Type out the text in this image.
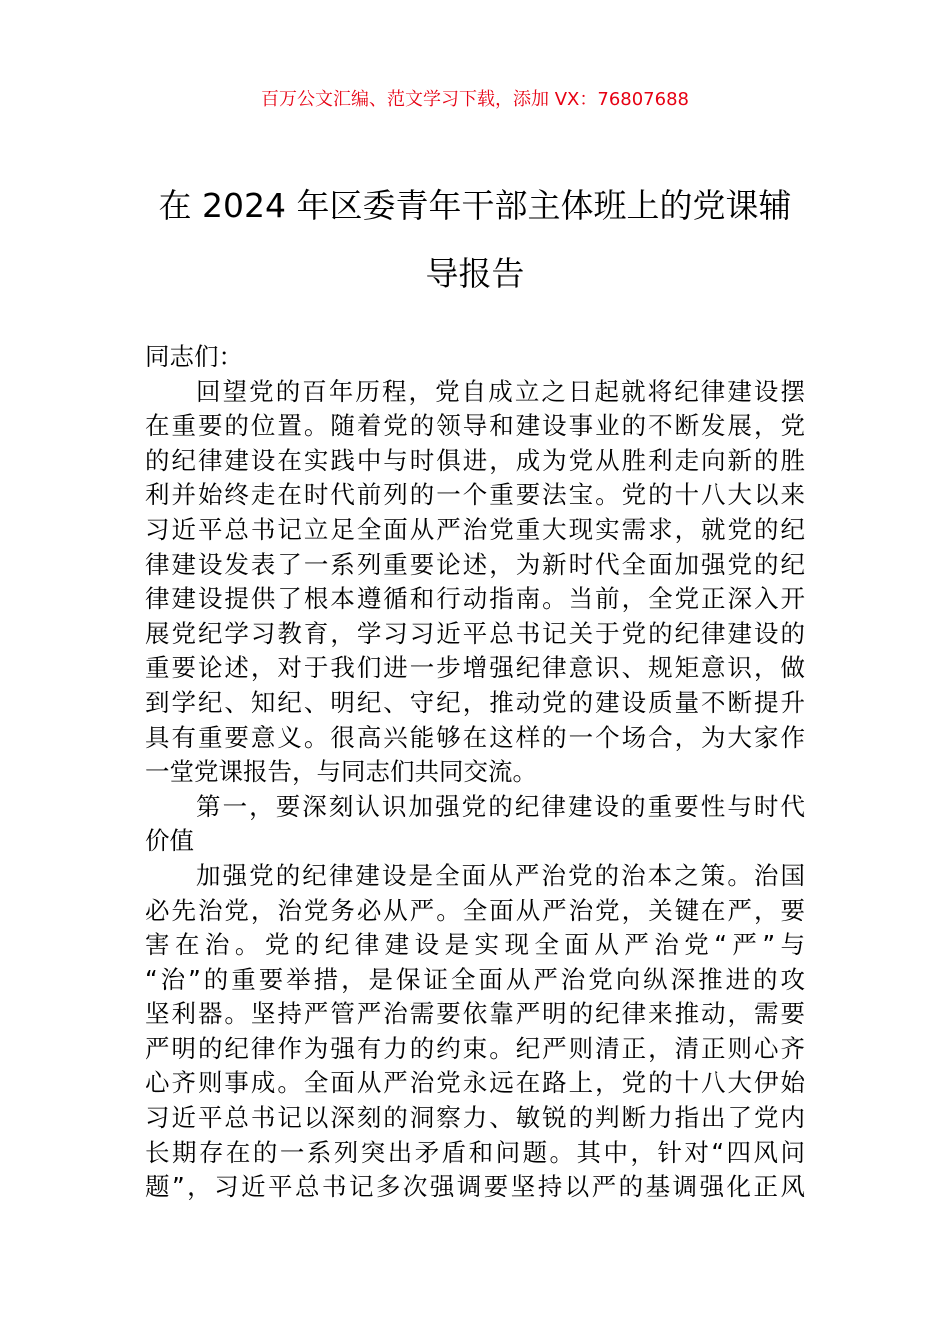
百万公文汇编、范文学习下载，添加 VX：76807688
在 2024 年区委青年干部主体班上的党课辅
导报告
同志们：
回望党的百年历程，党自成立之日起就将纪律建设摆
在重要的位置。随着党的领导和建设事业的不断发展，党
的纪律建设在实践中与时俱进，成为党从胜利走向新的胜
利并始终走在时代前列的一个重要法宝。党的十八大以来
习近平总书记立足全面从严治党重大现实需求，就党的纪
律建设发表了一系列重要论述，为新时代全面加强党的纪
律建设提供了根本遵循和行动指南。当前，全党正深入开
展党纪学习教育，学习习近平总书记关于党的纪律建设的
重要论述，对于我们进一步增强纪律意识、规矩意识，做
到学纪、知纪、明纪、守纪，推动党的建设质量不断提升
具有重要意义。很高兴能够在这样的一个场合，为大家作
一堂党课报告，与同志们共同交流。
第一，要深刻认识加强党的纪律建设的重要性与时代
价值
加强党的纪律建设是全面从严治党的治本之策。治国
必先治党，治党务必从严。全面从严治党，关键在严，要
害在治。党的纪律建设是实现全面从严治党“严”与
“治”的重要举措，是保证全面从严治党向纵深推进的攻
坚利器。坚持严管严治需要依靠严明的纪律来推动，需要
严明的纪律作为强有力的约束。纪严则清正，清正则心齐
心齐则事成。全面从严治党永远在路上，党的十八大伊始
习近平总书记以深刻的洞察力、敏锐的判断力指出了党内
长期存在的一系列突出矛盾和问题。其中，针对“四风问
题”，习近平总书记多次强调要坚持以严的基调强化正风
